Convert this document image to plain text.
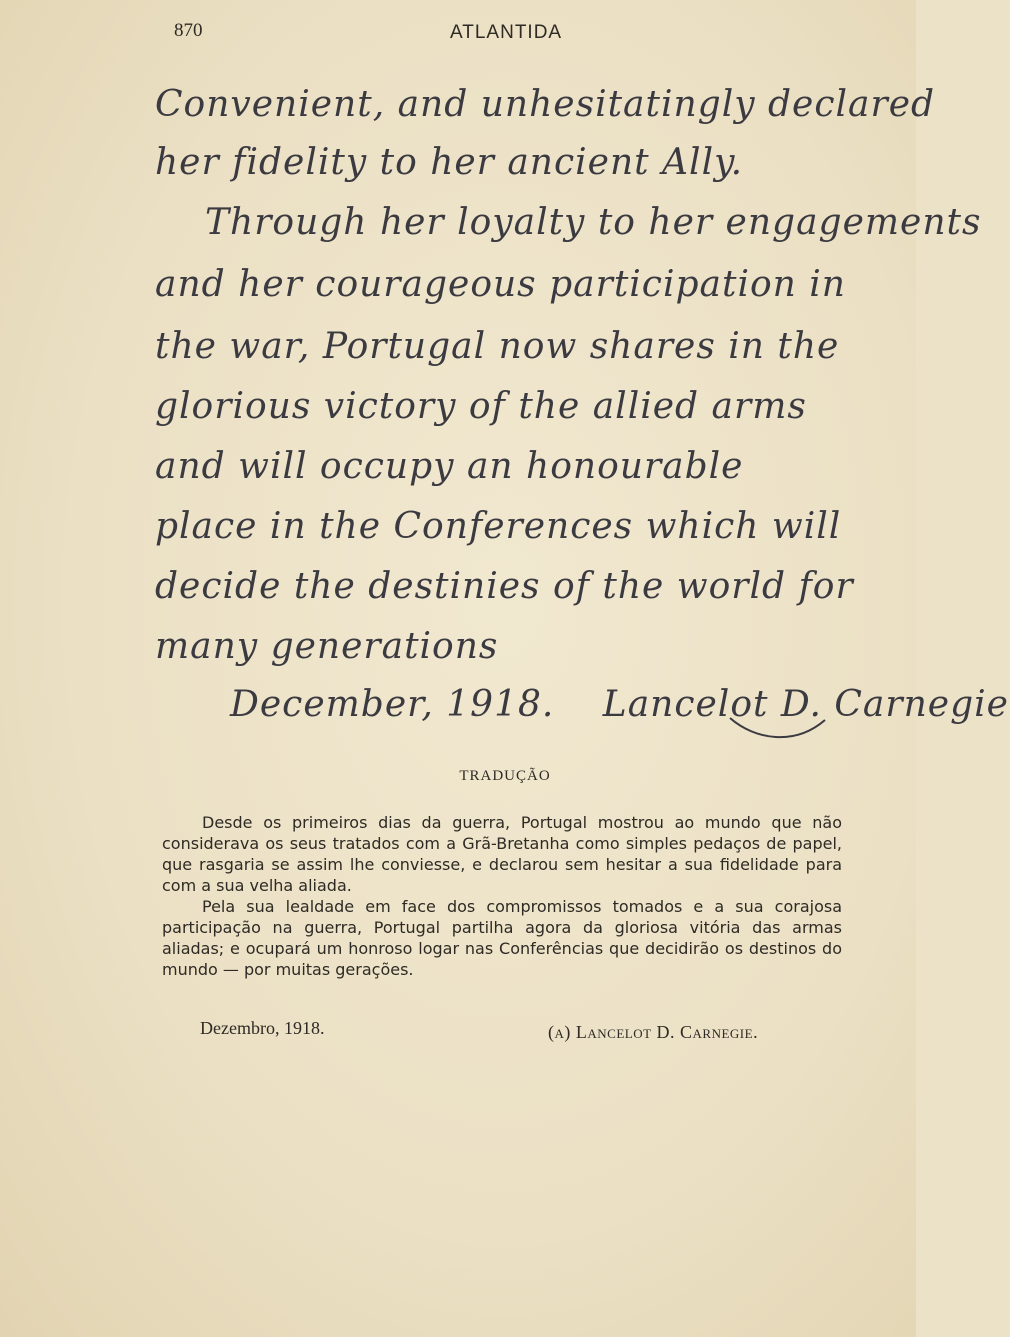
870	ATLANTIDA
Convenient, and unhesitatingly declared
her fidelity to her ancient Ally.
Through her loyalty to her engagements
and her courageous participation in
the war, Portugal now shares in the
glorious victory of the allied arms
and will occupy an honourable
place in the Conferences which will
decide the destinies of the world for
many generations
December, 1918. Lancelot D. Carnegie
TRADUÇÃO

Desde os primeiros dias da guerra, Portugal mostrou ao mundo que não considerava os seus tratados com a Grã-Bretanha como simples pedaços de papel, que rasgaria se assim lhe conviesse, e declarou sem hesitar a sua fidelidade para com a sua velha aliada.

Pela sua lealdade em face dos compromissos tomados e a sua corajosa participação na guerra, Portugal partilha agora da gloriosa vitória das armas aliadas; e ocupará um honroso logar nas Conferências que decidirão os destinos do mundo — por muitas gerações.

Dezembro, 1918.	(a) Lancelot D. Carnegie.
